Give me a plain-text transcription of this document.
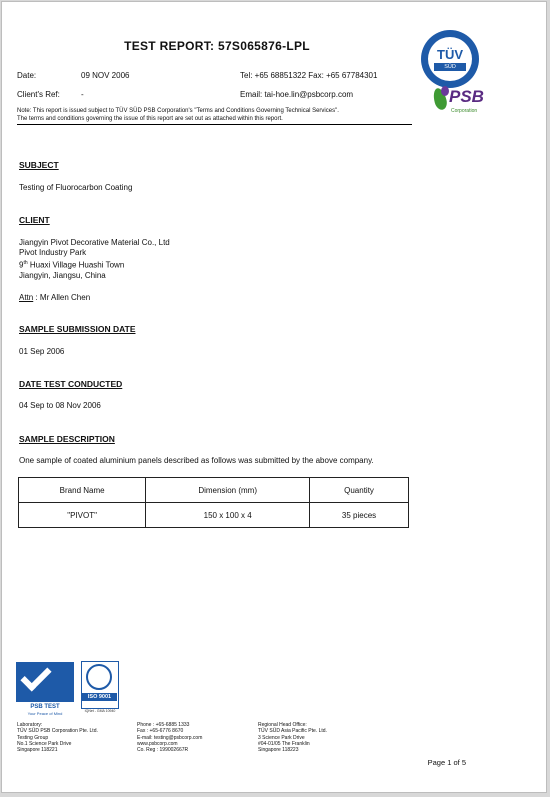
TEST REPORT: 57S065876-LPL
TÜV
SÜD
PSB
Corporation
Date:	09 NOV 2006	Tel: +65 68851322 Fax: +65 67784301
Client's Ref:	-	Email: tai-hoe.lin@psbcorp.com
Note: This report is issued subject to TÜV SÜD PSB Corporation's "Terms and Conditions Governing Technical Services".
The terms and conditions governing the issue of this report are set out as attached within this report.
SUBJECT
Testing of Fluorocarbon Coating
CLIENT
Jiangyin Pivot Decorative Material Co., Ltd
Pivot Industry Park
9th Huaxi Village Huashi Town
Jiangyin, Jiangsu, China
Attn : Mr Allen Chen
SAMPLE SUBMISSION DATE
01 Sep 2006
DATE TEST CONDUCTED
04 Sep to 08 Nov 2006
SAMPLE DESCRIPTION
One sample of coated aluminium panels described as follows was submitted by the above company.
Brand Name	Dimension (mm)	Quantity
"PIVOT"	150 x 100 x 4	35 pieces
PSB TEST
Your Peace of Mind
ISO 9001
IQNet - GMA 10940
Laboratory:
TÜV SÜD PSB Corporation Pte. Ltd.
Testing Group
No.1 Science Park Drive
Singapore 118221
Phone : +65-6885 1333
Fax : +65-6776 8670
E-mail: testing@psbcorp.com
www.psbcorp.com
Co. Reg : 199002667R
Regional Head Office:
TÜV SÜD Asia Pacific Pte. Ltd.
3 Science Park Drive
#04-01/05 The Franklin
Singapore 118223
Page 1 of 5
